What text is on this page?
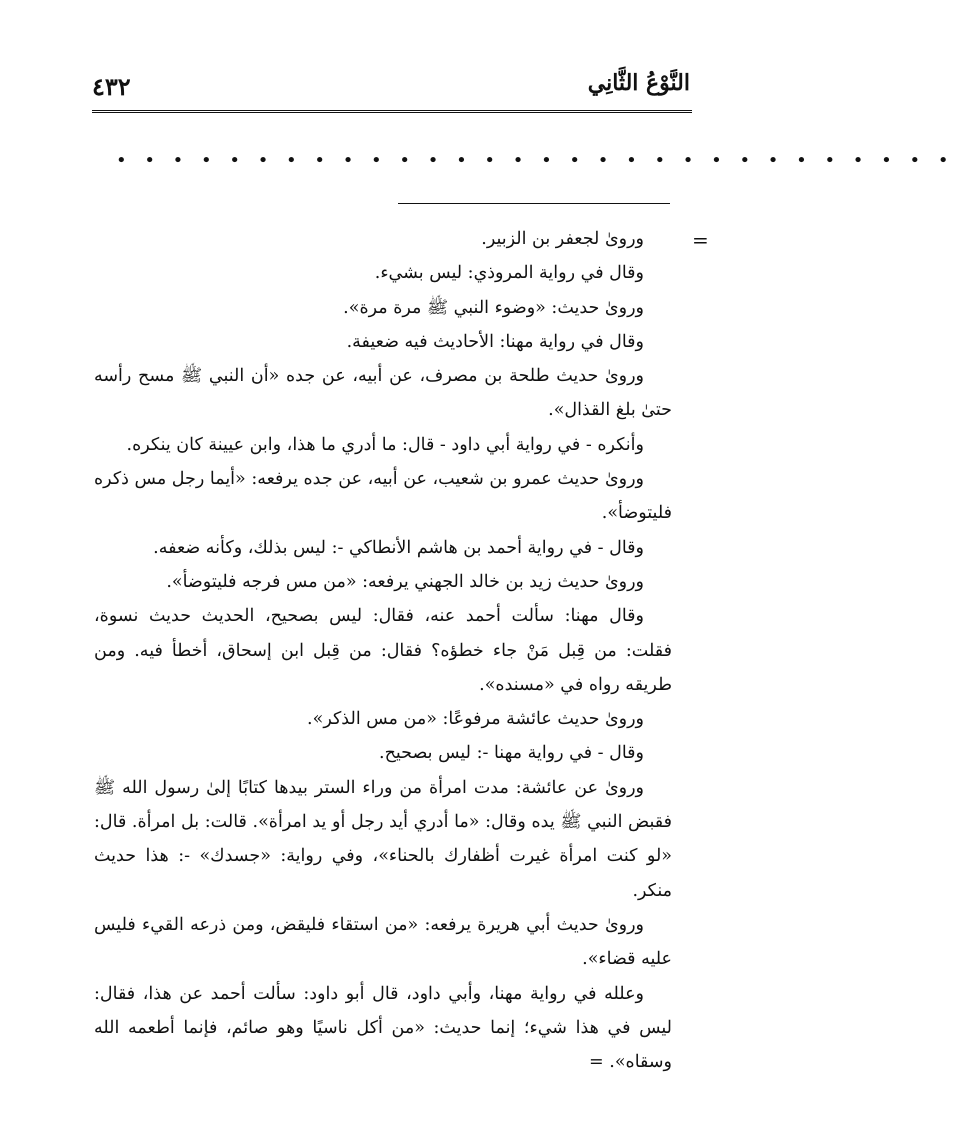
النَّوْعُ الثَّانِي
٤٣٢
• • • • • • • • • • • • • • • • • • • • • • • • • • • • • •
=

ورویٰ لجعفر بن الزبير.

وقال في رواية المروذي: ليس بشيء.

ورویٰ حديث: «وضوء النبي ﷺ مرة مرة».

وقال في رواية مهنا: الأحاديث فيه ضعيفة.

ورویٰ حديث طلحة بن مصرف، عن أبيه، عن جده «أن النبي ﷺ مسح رأسه حتىٰ بلغ القذال».

وأنكره - في رواية أبي داود - قال: ما أدري ما هذا، وابن عيينة كان ينكره.

ورویٰ حديث عمرو بن شعيب، عن أبيه، عن جده يرفعه: «أيما رجل مس ذكره فليتوضأ».

وقال - في رواية أحمد بن هاشم الأنطاكي -: ليس بذلك، وكأنه ضعفه.

ورویٰ حديث زيد بن خالد الجهني يرفعه: «من مس فرجه فليتوضأ».

وقال مهنا: سألت أحمد عنه، فقال: ليس بصحيح، الحديث حديث نسوة، فقلت: من قِبل مَنْ جاء خطؤه؟ فقال: من قِبل ابن إسحاق، أخطأ فيه. ومن طريقه رواه في «مسنده».

ورویٰ حديث عائشة مرفوعًا: «من مس الذكر».

وقال - في رواية مهنا -: ليس بصحيح.

ورویٰ عن عائشة: مدت امرأة من وراء الستر بيدها كتابًا إلىٰ رسول الله ﷺ فقبض النبي ﷺ يده وقال: «ما أدري أيد رجل أو يد امرأة». قالت: بل امرأة. قال: «لو كنت امرأة غيرت أظفارك بالحناء»، وفي رواية: «جسدك» -: هذا حديث منكر.

ورویٰ حديث أبي هريرة يرفعه: «من استقاء فليقض، ومن ذرعه القيء فليس عليه قضاء».

وعلله في رواية مهنا، وأبي داود، قال أبو داود: سألت أحمد عن هذا، فقال: ليس في هذا شيء؛ إنما حديث: «من أكل ناسيًا وهو صائم، فإنما أطعمه الله وسقاه». =
